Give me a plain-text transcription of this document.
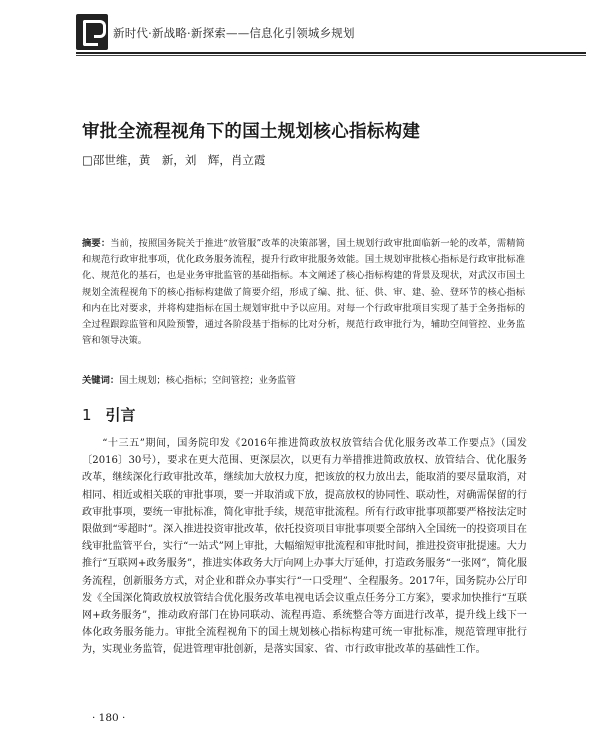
新时代·新战略·新探索——信息化引领城乡规划
审批全流程视角下的国土规划核心指标构建
□邵世维，黄　新，刘　辉，肖立霞
摘要：当前，按照国务院关于推进“放管服”改革的决策部署，国土规划行政审批面临新一轮的改革，需精简和规范行政审批事项，优化政务服务流程，提升行政审批服务效能。国土规划审批核心指标是行政审批标准化、规范化的基石，也是业务审批监管的基础指标。本文阐述了核心指标构建的背景及现状，对武汉市国土规划全流程视角下的核心指标构建做了简要介绍，形成了编、批、征、供、审、建、验、登环节的核心指标和内在比对要求，并将构建指标在国土规划审批中予以应用。对每一个行政审批项目实现了基于全务指标的全过程跟踪监管和风险预警，通过各阶段基于指标的比对分析，规范行政审批行为，辅助空间管控、业务监管和领导决策。
关键词：国土规划；核心指标；空间管控；业务监管
1 引言
“十三五”期间，国务院印发《2016年推进简政放权放管结合优化服务改革工作要点》（国发〔2016〕30号），要求在更大范围、更深层次，以更有力举措推进简政放权、放管结合、优化服务改革，继续深化行政审批改革，继续加大放权力度，把该放的权力放出去，能取消的要尽量取消，对相同、相近或相关联的审批事项，要一并取消或下放，提高放权的协同性、联动性，对确需保留的行政审批事项，要统一审批标准，简化审批手续，规范审批流程。所有行政审批事项都要严格按法定时限做到“零超时”。深入推进投资审批改革，依托投资项目审批事项要全部纳入全国统一的投资项目在线审批监管平台，实行“一站式”网上审批，大幅缩短审批流程和审批时间，推进投资审批提速。大力推行“互联网+政务服务”，推进实体政务大厅向网上办事大厅延伸，打造政务服务“一张网”，简化服务流程，创新服务方式，对企业和群众办事实行“一口受理”、全程服务。2017年，国务院办公厅印发《全国深化简政放权放管结合优化服务改革电视电话会议重点任务分工方案》，要求加快推行“互联网+政务服务”，推动政府部门在协同联动、流程再造、系统整合等方面进行改革，提升线上线下一体化政务服务能力。审批全流程视角下的国土规划核心指标构建可统一审批标准，规范管理审批行为，实现业务监管，促进管理审批创新，是落实国家、省、市行政审批改革的基础性工作。
· 180 ·
